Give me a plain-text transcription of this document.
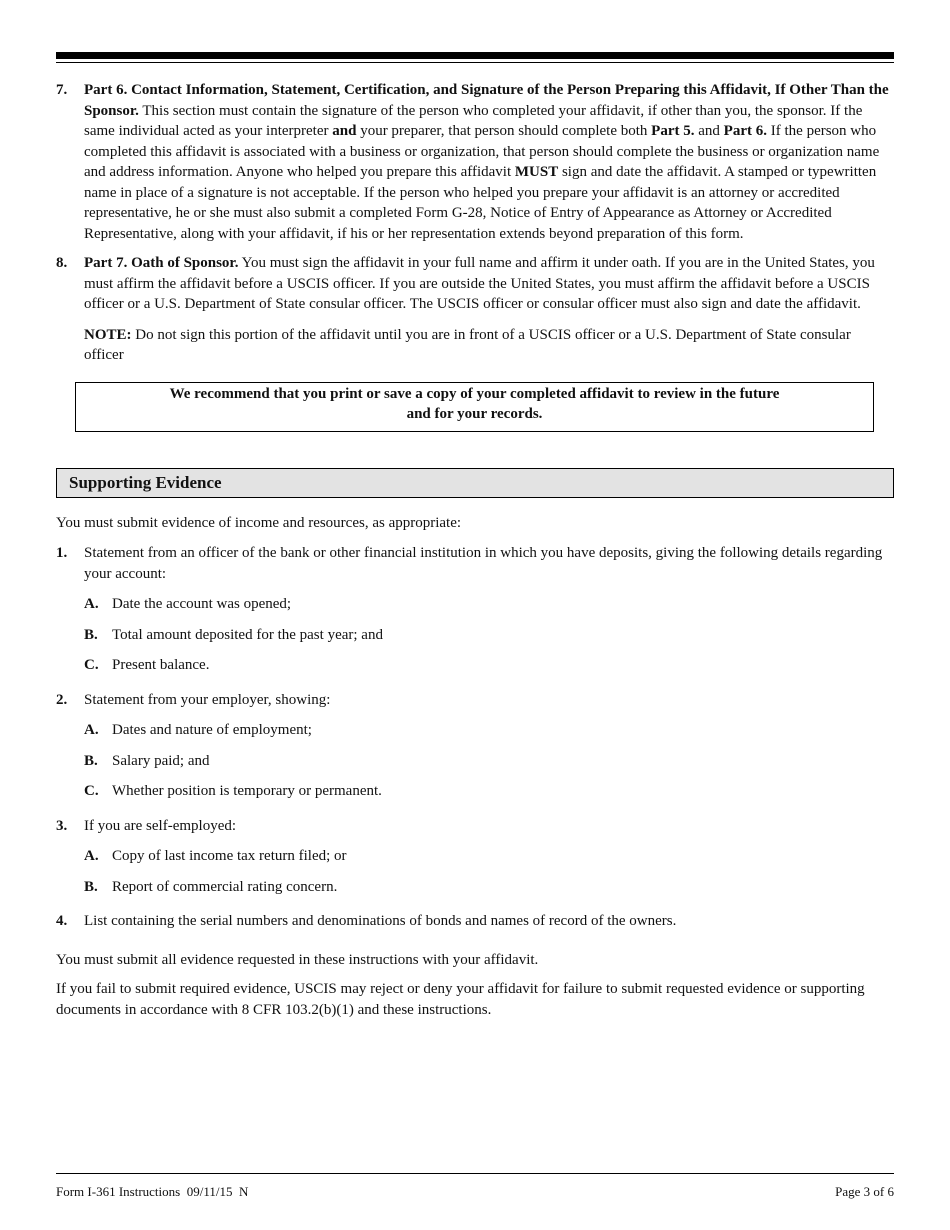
7. Part 6. Contact Information, Statement, Certification, and Signature of the Person Preparing this Affidavit, If Other Than the Sponsor. This section must contain the signature of the person who completed your affidavit, if other than you, the sponsor. If the same individual acted as your interpreter and your preparer, that person should complete both Part 5. and Part 6. If the person who completed this affidavit is associated with a business or organization, that person should complete the business or organization name and address information. Anyone who helped you prepare this affidavit MUST sign and date the affidavit. A stamped or typewritten name in place of a signature is not acceptable. If the person who helped you prepare your affidavit is an attorney or accredited representative, he or she must also submit a completed Form G-28, Notice of Entry of Appearance as Attorney or Accredited Representative, along with your affidavit, if his or her representation extends beyond preparation of this form.

8. Part 7. Oath of Sponsor. You must sign the affidavit in your full name and affirm it under oath. If you are in the United States, you must affirm the affidavit before a USCIS officer. If you are outside the United States, you must affirm the affidavit before a USCIS officer or a U.S. Department of State consular officer. The USCIS officer or consular officer must also sign and date the affidavit.

NOTE: Do not sign this portion of the affidavit until you are in front of a USCIS officer or a U.S. Department of State consular officer

We recommend that you print or save a copy of your completed affidavit to review in the future
and for your records.
Supporting Evidence

You must submit evidence of income and resources, as appropriate:

1. Statement from an officer of the bank or other financial institution in which you have deposits, giving the following details regarding your account:
A. Date the account was opened;
B. Total amount deposited for the past year; and
C. Present balance.
2. Statement from your employer, showing:
A. Dates and nature of employment;
B. Salary paid; and
C. Whether position is temporary or permanent.
3. If you are self-employed:
A. Copy of last income tax return filed; or
B. Report of commercial rating concern.
4. List containing the serial numbers and denominations of bonds and names of record of the owners.

You must submit all evidence requested in these instructions with your affidavit.

If you fail to submit required evidence, USCIS may reject or deny your affidavit for failure to submit requested evidence or supporting documents in accordance with 8 CFR 103.2(b)(1) and these instructions.

Form I-361 Instructions  09/11/15  N	Page 3 of 6
